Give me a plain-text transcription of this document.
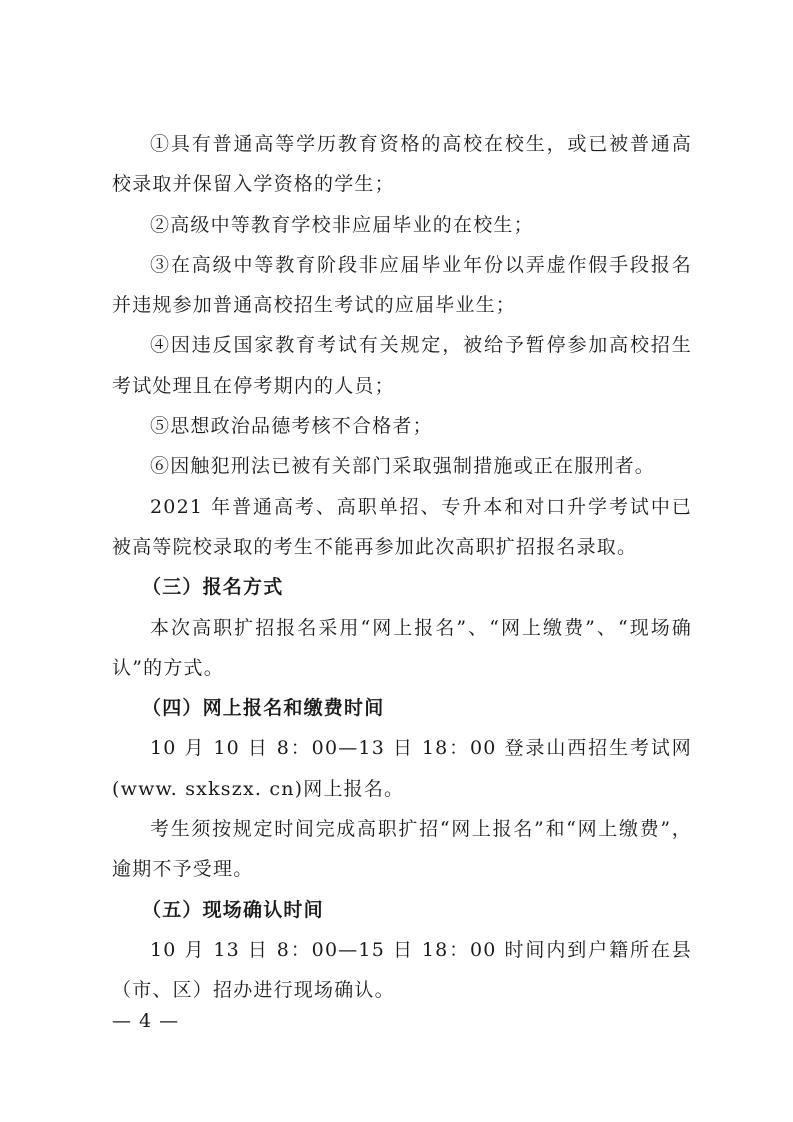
①具有普通高等学历教育资格的高校在校生，或已被普通高校录取并保留入学资格的学生；

②高级中等教育学校非应届毕业的在校生；

③在高级中等教育阶段非应届毕业年份以弄虚作假手段报名并违规参加普通高校招生考试的应届毕业生；

④因违反国家教育考试有关规定，被给予暂停参加高校招生考试处理且在停考期内的人员；

⑤思想政治品德考核不合格者；

⑥因触犯刑法已被有关部门采取强制措施或正在服刑者。

2021 年普通高考、高职单招、专升本和对口升学考试中已被高等院校录取的考生不能再参加此次高职扩招报名录取。

（三）报名方式

本次高职扩招报名采用“网上报名”、“网上缴费”、“现场确认”的方式。

（四）网上报名和缴费时间

10 月 10 日 8：00—13 日 18：00 登录山西招生考试网(www. sxkszx. cn)网上报名。

考生须按规定时间完成高职扩招“网上报名”和“网上缴费”，逾期不予受理。

（五）现场确认时间

10 月 13 日 8：00—15 日 18：00 时间内到户籍所在县（市、区）招办进行现场确认。

— 4 —
